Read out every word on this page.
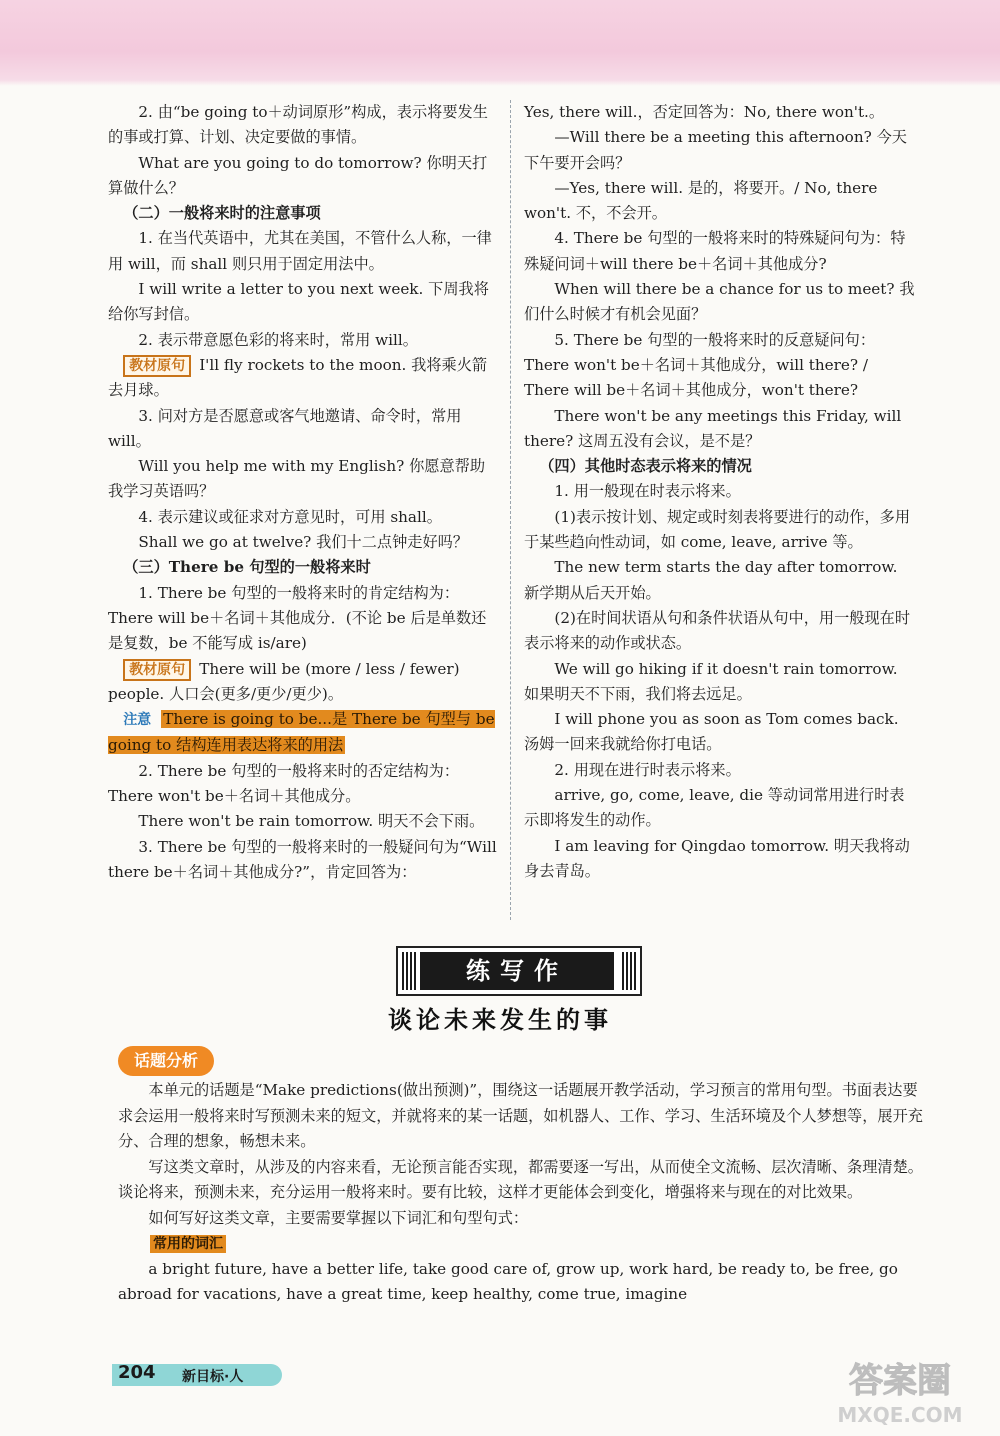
2. 由“be going to＋动词原形”构成，表示将要发生的事或打算、计划、决定要做的事情。

What are you going to do tomorrow? 你明天打算做什么？

（二）一般将来时的注意事项

1. 在当代英语中，尤其在美国，不管什么人称，一律用 will，而 shall 则只用于固定用法中。

I will write a letter to you next week. 下周我将给你写封信。

2. 表示带意愿色彩的将来时，常用 will。

教材原句 I'll fly rockets to the moon. 我将乘火箭去月球。

3. 问对方是否愿意或客气地邀请、命令时，常用 will。

Will you help me with my English? 你愿意帮助我学习英语吗？

4. 表示建议或征求对方意见时，可用 shall。

Shall we go at twelve? 我们十二点钟走好吗？

（三）There be 句型的一般将来时

1. There be 句型的一般将来时的肯定结构为：There will be＋名词＋其他成分．(不论 be 后是单数还是复数，be 不能写成 is/are)

教材原句 There will be (more / less / fewer) people. 人口会(更多/更少/更少)。

注意 There is going to be...是 There be 句型与 be going to 结构连用表达将来的用法

2. There be 句型的一般将来时的否定结构为：There won't be＋名词＋其他成分。

There won't be rain tomorrow. 明天不会下雨。

3. There be 句型的一般将来时的一般疑问句为“Will there be＋名词＋其他成分?”，肯定回答为：

Yes, there will.，否定回答为：No, there won't.。

—Will there be a meeting this afternoon? 今天下午要开会吗？

—Yes, there will. 是的，将要开。/ No, there won't. 不，不会开。

4. There be 句型的一般将来时的特殊疑问句为：特殊疑问词＋will there be＋名词＋其他成分?

When will there be a chance for us to meet? 我们什么时候才有机会见面？

5. There be 句型的一般将来时的反意疑问句：There won't be＋名词＋其他成分，will there? / There will be＋名词＋其他成分，won't there?

There won't be any meetings this Friday, will there? 这周五没有会议，是不是？

（四）其他时态表示将来的情况

1. 用一般现在时表示将来。

(1)表示按计划、规定或时刻表将要进行的动作，多用于某些趋向性动词，如 come, leave, arrive 等。

The new term starts the day after tomorrow. 新学期从后天开始。

(2)在时间状语从句和条件状语从句中，用一般现在时表示将来的动作或状态。

We will go hiking if it doesn't rain tomorrow. 如果明天不下雨，我们将去远足。

I will phone you as soon as Tom comes back. 汤姆一回来我就给你打电话。

2. 用现在进行时表示将来。

arrive, go, come, leave, die 等动词常用进行时表示即将发生的动作。

I am leaving for Qingdao tomorrow. 明天我将动身去青岛。

练写作
谈论未来发生的事
话题分析

本单元的话题是“Make predictions(做出预测)”，围绕这一话题展开教学活动，学习预言的常用句型。书面表达要求会运用一般将来时写预测未来的短文，并就将来的某一话题，如机器人、工作、学习、生活环境及个人梦想等，展开充分、合理的想象，畅想未来。

写这类文章时，从涉及的内容来看，无论预言能否实现，都需要逐一写出，从而使全文流畅、层次清晰、条理清楚。谈论将来，预测未来，充分运用一般将来时。要有比较，这样才更能体会到变化，增强将来与现在的对比效果。

如何写好这类文章，主要需要掌握以下词汇和句型句式：

常用的词汇

a bright future, have a better life, take good care of, grow up, work hard, be ready to, be free, go abroad for vacations, have a great time, keep healthy, come true, imagine

204 新目标·人	答案圈
MXQE.COM
